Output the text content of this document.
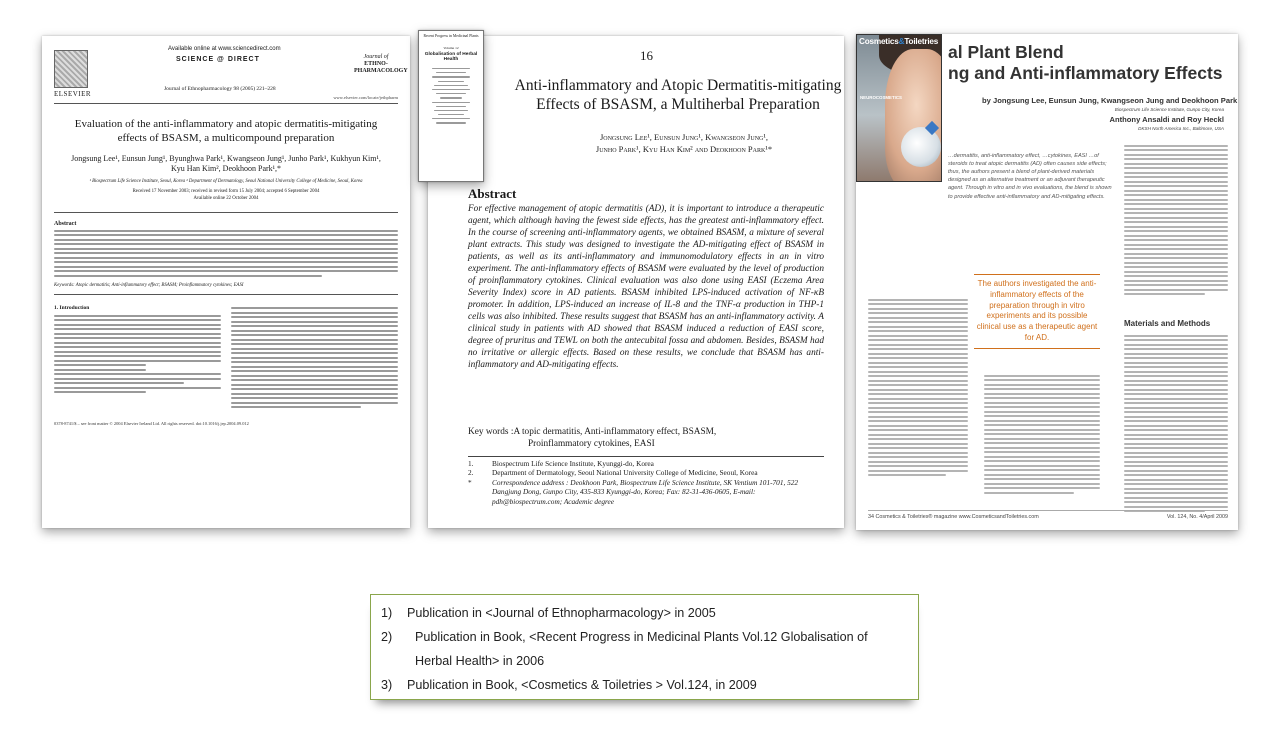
ELSEVIER
Available online at www.sciencedirect.com
SCIENCE @ DIRECT
Journal of Ethnopharmacology 98 (2005) 221–228
Journal of
ETHNO-
PHARMACOLOGY
www.elsevier.com/locate/jethpharm
Evaluation of the anti-inflammatory and atopic dermatitis-mitigating effects of BSASM, a multicompound preparation
Jongsung Lee¹, Eunsun Jung¹, Byunghwa Park¹, Kwangseon Jung¹, Junho Park¹, Kukhyun Kim¹, Kyu Han Kim², Deokhoon Park¹,*
¹ Biospectrum Life Science Institute, Seoul, Korea ² Department of Dermatology, Seoul National University College of Medicine, Seoul, Korea
Received 17 November 2003; received in revised form 15 July 2004; accepted 6 September 2004
Available online 22 October 2004
Abstract
Keywords: Atopic dermatitis; Anti-inflammatory effect; BSASM; Proinflammatory cytokines; EASI
1. Introduction
0378-8741/$ – see front matter © 2004 Elsevier Ireland Ltd. All rights reserved. doi:10.1016/j.jep.2004.09.012
16
Anti-inflammatory and Atopic Dermatitis-mitigating Effects of BSASM, a Multiherbal Preparation
Jongsung Lee¹, Eunsun Jung¹, Kwangseon Jung¹,
Junho Park¹, Kyu Han Kim² and Deokhoon Park¹*
Abstract
For effective management of atopic dermatitis (AD), it is important to introduce a therapeutic agent, which although having the fewest side effects, has the greatest anti-inflammatory effect. In the course of screening anti-inflammatory agents, we obtained BSASM, a mixture of several plant extracts. This study was designed to investigate the AD-mitigating effect of BSASM in patients, as well as its anti-inflammatory and immunomodulatory effects in an in vitro experiment. The anti-inflammatory effects of BSASM were evaluated by the level of production of proinflammatory cytokines. Clinical evaluation was also done using EASI (Eczema Area Severity Index) score in AD patients. BSASM inhibited LPS-induced activation of NF-κB promoter. In addition, LPS-induced an increase of IL-8 and the TNF-α production in THP-1 cells was also inhibited. These results suggest that BSASM has an anti-inflammatory activity. A clinical study in patients with AD showed that BSASM induced a reduction of EASI score, degree of pruritus and TEWL on both the antecubital fossa and abdomen. Besides, BSASM had no irritative or allergic effects. Based on these results, we conclude that BSASM has anti-inflammatory and AD-mitigating effects.
Key words :A topic dermatitis, Anti-inflammatory effect, BSASM,
Proinflammatory cytokines, EASI
1.	Biospectrum Life Science Institute, Kyunggi-do, Korea
2.	Department of Dermatology, Seoul National University College of Medicine, Seoul, Korea
*	Correspondence address : Deokhoon Park, Biospectrum Life Science Institute, SK Ventium 101-701, 522 Dangjung Dong, Gunpo City, 435-833 Kyunggi-do, Korea; Fax: 82-31-436-0605, E-mail: pdh@biospectrum.com; Academic degree
Recent Progress in Medicinal Plants
Volume 12
Globalisation of Herbal Health
Cosmetics&Toiletries
NEUROCOSMETICS
al Plant Blend
ng and Anti-inflammatory Effects
by Jongsung Lee, Eunsun Jung, Kwangseon Jung and Deokhoon Park
Biospectrum Life Science Institute, Gunpo City, Korea
Anthony Ansaldi and Roy Heckl
DKSH North America Inc., Baltimore, USA
…dermatitis, anti-inflammatory effect, …cytokines, EASI …of steroids to treat atopic dermatitis (AD) often causes side effects; thus, the authors present a blend of plant-derived materials designed as an alternative treatment or an adjuvant therapeutic agent. Through in vitro and in vivo evaluations, the blend is shown to provide effective anti-inflammatory and AD-mitigating effects.
The authors investigated the anti-inflammatory effects of the preparation through in vitro experiments and its possible clinical use as a therapeutic agent for AD.
Materials and Methods
34 Cosmetics & Toiletries® magazine www.CosmeticsandToiletries.com	Vol. 124, No. 4/April 2009
1)	Publication in <Journal of Ethnopharmacology> in 2005
2)	Publication in Book, <Recent Progress in Medicinal Plants Vol.12 Globalisation of Herbal Health> in 2006
3)	Publication in Book, <Cosmetics & Toiletries > Vol.124, in 2009
